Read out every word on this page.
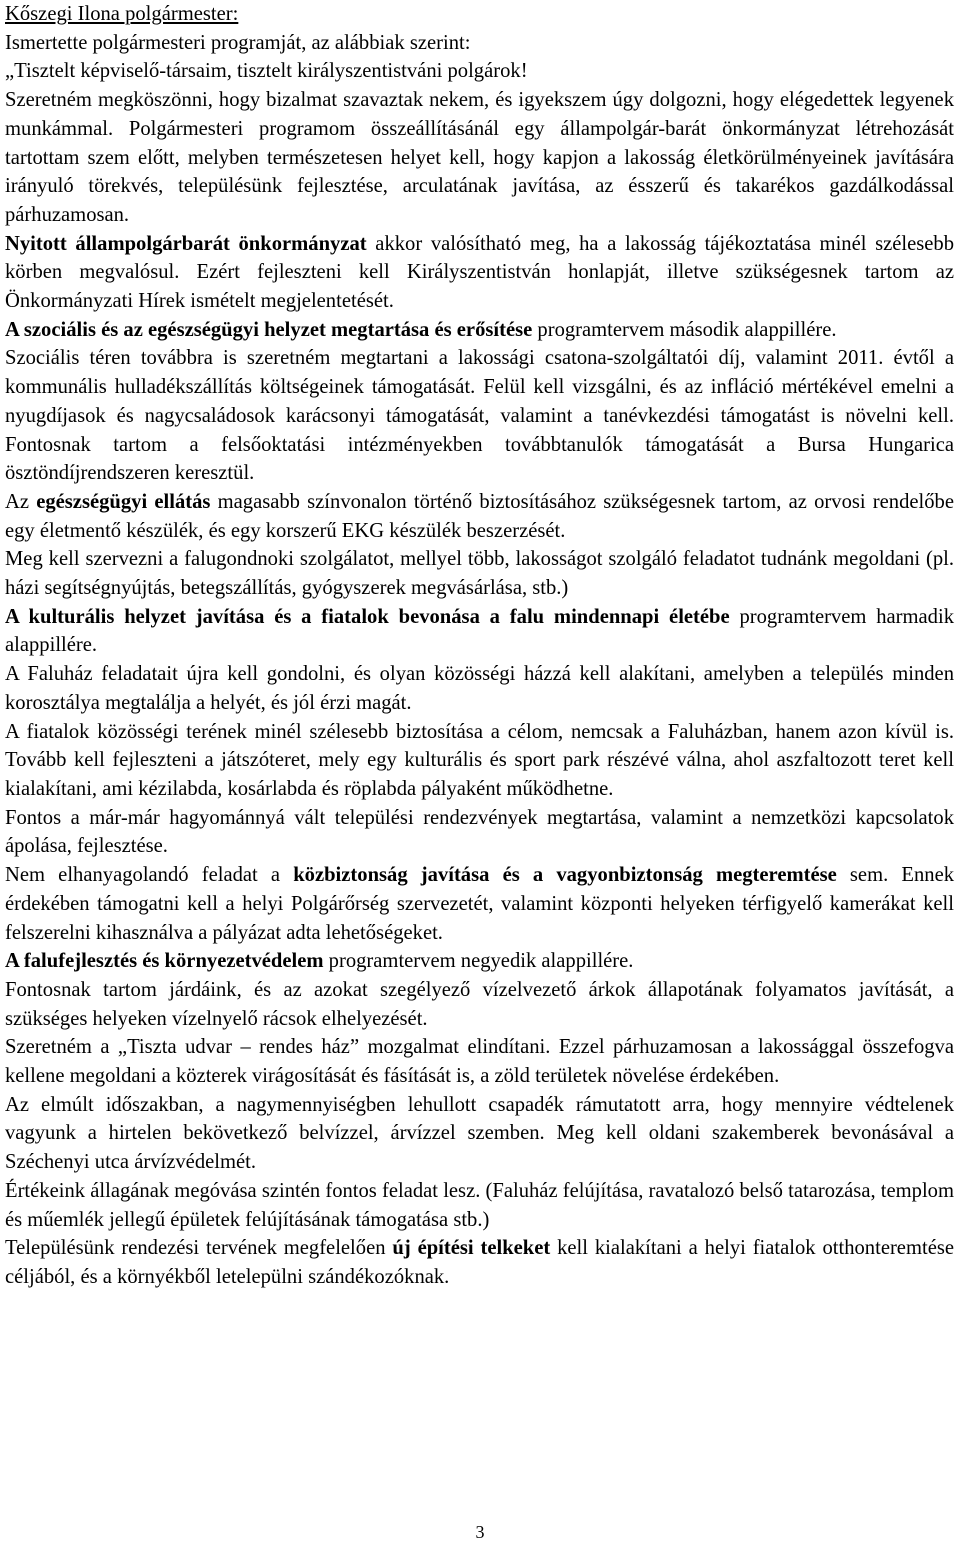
Kőszegi Ilona polgármester:

Ismertette polgármesteri programját, az alábbiak szerint:

„Tisztelt képviselő-társaim, tisztelt királyszentistváni polgárok!

Szeretném megköszönni, hogy bizalmat szavaztak nekem, és igyekszem úgy dolgozni, hogy elégedettek legyenek munkámmal. Polgármesteri programom összeállításánál egy állampolgár-barát önkormányzat létrehozását tartottam szem előtt, melyben természetesen helyet kell, hogy kapjon a lakosság életkörülményeinek javítására irányuló törekvés, településünk fejlesztése, arculatának javítása, az ésszerű és takarékos gazdálkodással párhuzamosan.

Nyitott állampolgárbarát önkormányzat akkor valósítható meg, ha a lakosság tájékoztatása minél szélesebb körben megvalósul. Ezért fejleszteni kell Királyszentistván honlapját, illetve szükségesnek tartom az Önkormányzati Hírek ismételt megjelentetését.

A szociális és az egészségügyi helyzet megtartása és erősítése programtervem második alappillére.

Szociális téren továbbra is szeretném megtartani a lakossági csatona-szolgáltatói díj, valamint 2011. évtől a kommunális hulladékszállítás költségeinek támogatását. Felül kell vizsgálni, és az infláció mértékével emelni a nyugdíjasok és nagycsaládosok karácsonyi támogatását, valamint a tanévkezdési támogatást is növelni kell. Fontosnak tartom a felsőoktatási intézményekben továbbtanulók támogatását a Bursa Hungarica ösztöndíjrendszeren keresztül.

Az egészségügyi ellátás magasabb színvonalon történő biztosításához szükségesnek tartom, az orvosi rendelőbe egy életmentő készülék, és egy korszerű EKG készülék beszerzését.

Meg kell szervezni a falugondnoki szolgálatot, mellyel több, lakosságot szolgáló feladatot tudnánk megoldani (pl. házi segítségnyújtás, betegszállítás, gyógyszerek megvásárlása, stb.)

A kulturális helyzet javítása és a fiatalok bevonása a falu mindennapi életébe programtervem harmadik alappillére.

A Faluház feladatait újra kell gondolni, és olyan közösségi házzá kell alakítani, amelyben a település minden korosztálya megtalálja a helyét, és jól érzi magát.

A fiatalok közösségi terének minél szélesebb biztosítása a célom, nemcsak a Faluházban, hanem azon kívül is. Tovább kell fejleszteni a játszóteret, mely egy kulturális és sport park részévé válna, ahol aszfaltozott teret kell kialakítani, ami kézilabda, kosárlabda és röplabda pályaként működhetne.

Fontos a már-már hagyománnyá vált települési rendezvények megtartása, valamint a nemzetközi kapcsolatok ápolása, fejlesztése.

Nem elhanyagolandó feladat a közbiztonság javítása és a vagyonbiztonság megteremtése sem. Ennek érdekében támogatni kell a helyi Polgárőrség szervezetét, valamint központi helyeken térfigyelő kamerákat kell felszerelni kihasználva a pályázat adta lehetőségeket.

A falufejlesztés és környezetvédelem programtervem negyedik alappillére.

Fontosnak tartom járdáink, és az azokat szegélyező vízelvezető árkok állapotának folyamatos javítását, a szükséges helyeken vízelnyelő rácsok elhelyezését.

Szeretném a „Tiszta udvar – rendes ház” mozgalmat elindítani. Ezzel párhuzamosan a lakossággal összefogva kellene megoldani a közterek virágosítását és fásítását is, a zöld területek növelése érdekében.

Az elmúlt időszakban, a nagymennyiségben lehullott csapadék rámutatott arra, hogy mennyire védtelenek vagyunk a hirtelen bekövetkező belvízzel, árvízzel szemben. Meg kell oldani szakemberek bevonásával a Széchenyi utca árvízvédelmét.

Értékeink állagának megóvása szintén fontos feladat lesz. (Faluház felújítása, ravatalozó belső tatarozása, templom és műemlék jellegű épületek felújításának támogatása stb.)

Településünk rendezési tervének megfelelően új építési telkeket kell kialakítani a helyi fiatalok otthonteremtése céljából, és a környékből letelepülni szándékozóknak.

3
